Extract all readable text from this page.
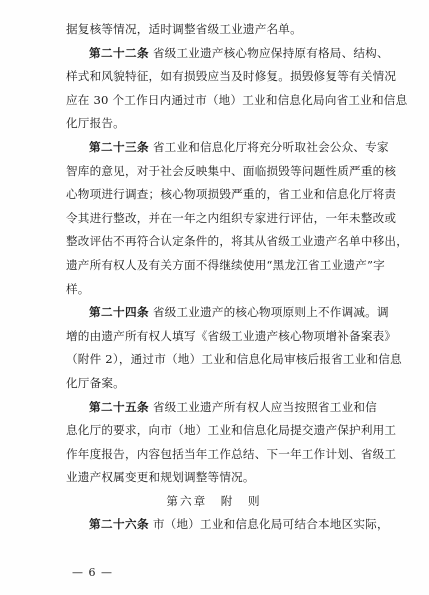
据复核等情况，适时调整省级工业遗产名单。
第二十二条 省级工业遗产核心物应保持原有格局、结构、
样式和风貌特征，如有损毁应当及时修复。损毁修复等有关情况
应在 30 个工作日内通过市（地）工业和信息化局向省工业和信息
化厅报告。
第二十三条 省工业和信息化厅将充分听取社会公众、专家
智库的意见，对于社会反映集中、面临损毁等问题性质严重的核
心物项进行调查；核心物项损毁严重的，省工业和信息化厅将责
令其进行整改，并在一年之内组织专家进行评估，一年未整改或
整改评估不再符合认定条件的，将其从省级工业遗产名单中移出，
遗产所有权人及有关方面不得继续使用“黑龙江省工业遗产”字
样。
第二十四条 省级工业遗产的核心物项原则上不作调减。调
增的由遗产所有权人填写《省级工业遗产核心物项增补备案表》
（附件 2），通过市（地）工业和信息化局审核后报省工业和信息
化厅备案。
第二十五条 省级工业遗产所有权人应当按照省工业和信
息化厅的要求，向市（地）工业和信息化局提交遗产保护利用工
作年度报告，内容包括当年工作总结、下一年工作计划、省级工
业遗产权属变更和规划调整等情况。
第六章　附　则
第二十六条 市（地）工业和信息化局可结合本地区实际，
— 6 —
